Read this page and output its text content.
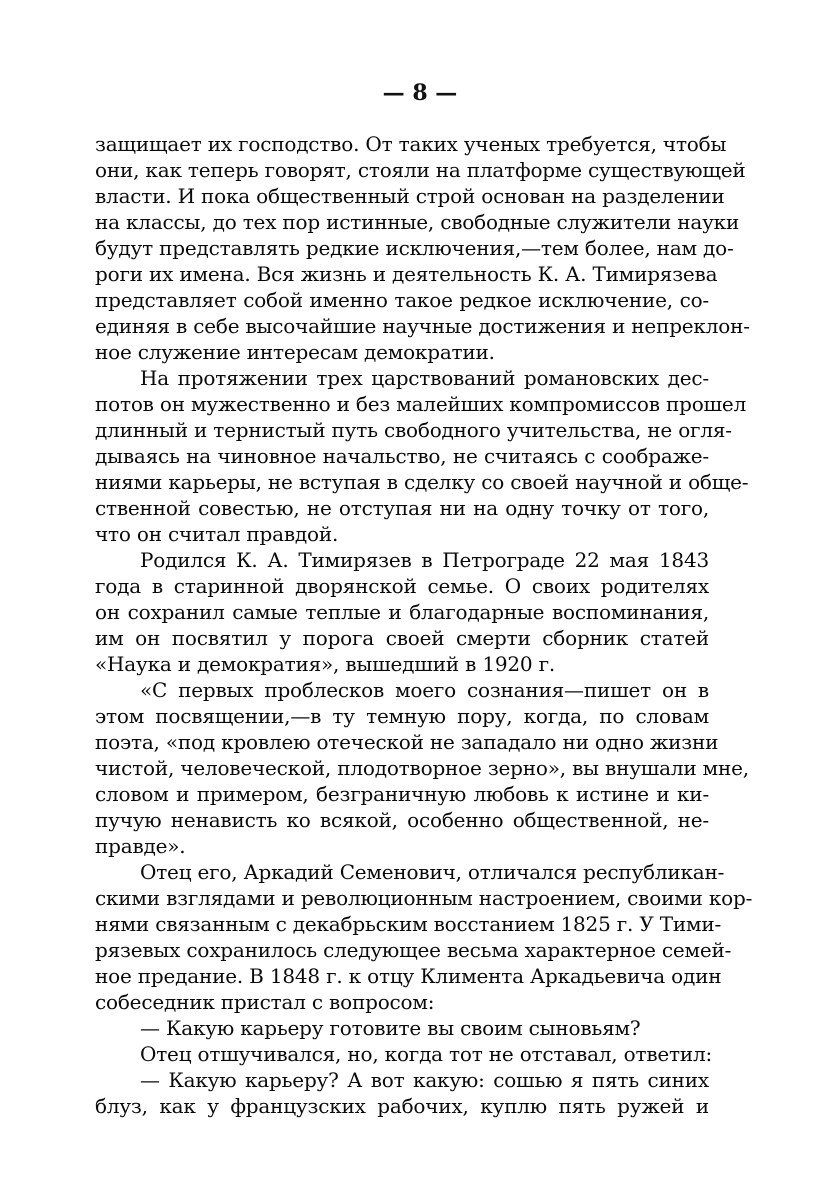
— 8 —
защищает их господство. От таких ученых требуется, чтобы
они, как теперь говорят, стояли на платформе существующей
власти. И пока общественный строй основан на разделении
на классы, до тех пор истинные, свободные служители науки
будут представлять редкие исключения,—тем более, нам до-
роги их имена. Вся жизнь и деятельность К. А. Тимирязева
представляет собой именно такое редкое исключение, со-
единяя в себе высочайшие научные достижения и непреклон-
ное служение интересам демократии.
На протяжении трех царствований романовских дес-
потов он мужественно и без малейших компромиссов прошел
длинный и тернистый путь свободного учительства, не огля-
дываясь на чиновное начальство, не считаясь с соображе-
ниями карьеры, не вступая в сделку со своей научной и обще-
ственной совестью, не отступая ни на одну точку от того,
что он считал правдой.
Родился К. А. Тимирязев в Петрограде 22 мая 1843
года в старинной дворянской семье. О своих родителях
он сохранил самые теплые и благодарные воспоминания,
им он посвятил у порога своей смерти сборник статей
«Наука и демократия», вышедший в 1920 г.
«С первых проблесков моего сознания—пишет он в
этом посвящении,—в ту темную пору, когда, по словам
поэта, «под кровлею отеческой не западало ни одно жизни
чистой, человеческой, плодотворное зерно», вы внушали мне,
словом и примером, безграничную любовь к истине и ки-
пучую ненависть ко всякой, особенно общественной, не-
правде».
Отец его, Аркадий Семенович, отличался республикан-
скими взглядами и революционным настроением, своими кор-
нями связанным с декабрьским восстанием 1825 г. У Тими-
рязевых сохранилось следующее весьма характерное семей-
ное предание. В 1848 г. к отцу Климента Аркадьевича один
собеседник пристал с вопросом:
— Какую карьеру готовите вы своим сыновьям?
Отец отшучивался, но, когда тот не отставал, ответил:
— Какую карьеру? А вот какую: сошью я пять синих
блуз, как у французских рабочих, куплю пять ружей и
